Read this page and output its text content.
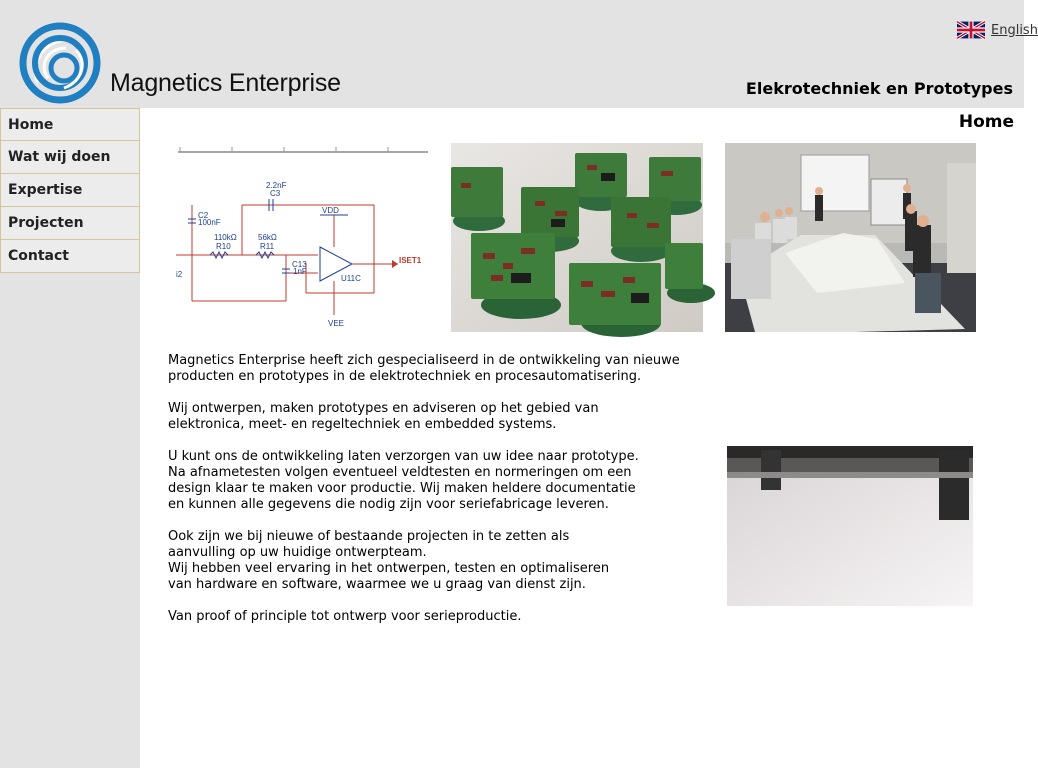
Magnetics Enterprise
English
Elekrotechniek en Prototypes
Home
Wat wij doen
Expertise
Projecten
Contact
Home
2.2nF
C3
VDD
C2
100nF
110kΩ
R10
56kΩ
R11
C13
1nF
U11C
VEE
i2
ISET1

Magnetics Enterprise heeft zich gespecialiseerd in de ontwikkeling van nieuwe
producten en prototypes in de elektrotechniek en procesautomatisering.

Wij ontwerpen, maken prototypes en adviseren op het gebied van
elektronica, meet- en regeltechniek en embedded systems.

U kunt ons de ontwikkeling laten verzorgen van uw idee naar prototype.
Na afnametesten volgen eventueel veldtesten en normeringen om een
design klaar te maken voor productie. Wij maken heldere documentatie
en kunnen alle gegevens die nodig zijn voor seriefabricage leveren.

Ook zijn we bij nieuwe of bestaande projecten in te zetten als
aanvulling op uw huidige ontwerpteam.
Wij hebben veel ervaring in het ontwerpen, testen en optimaliseren
van hardware en software, waarmee we u graag van dienst zijn.

Van proof of principle tot ontwerp voor serieproductie.
